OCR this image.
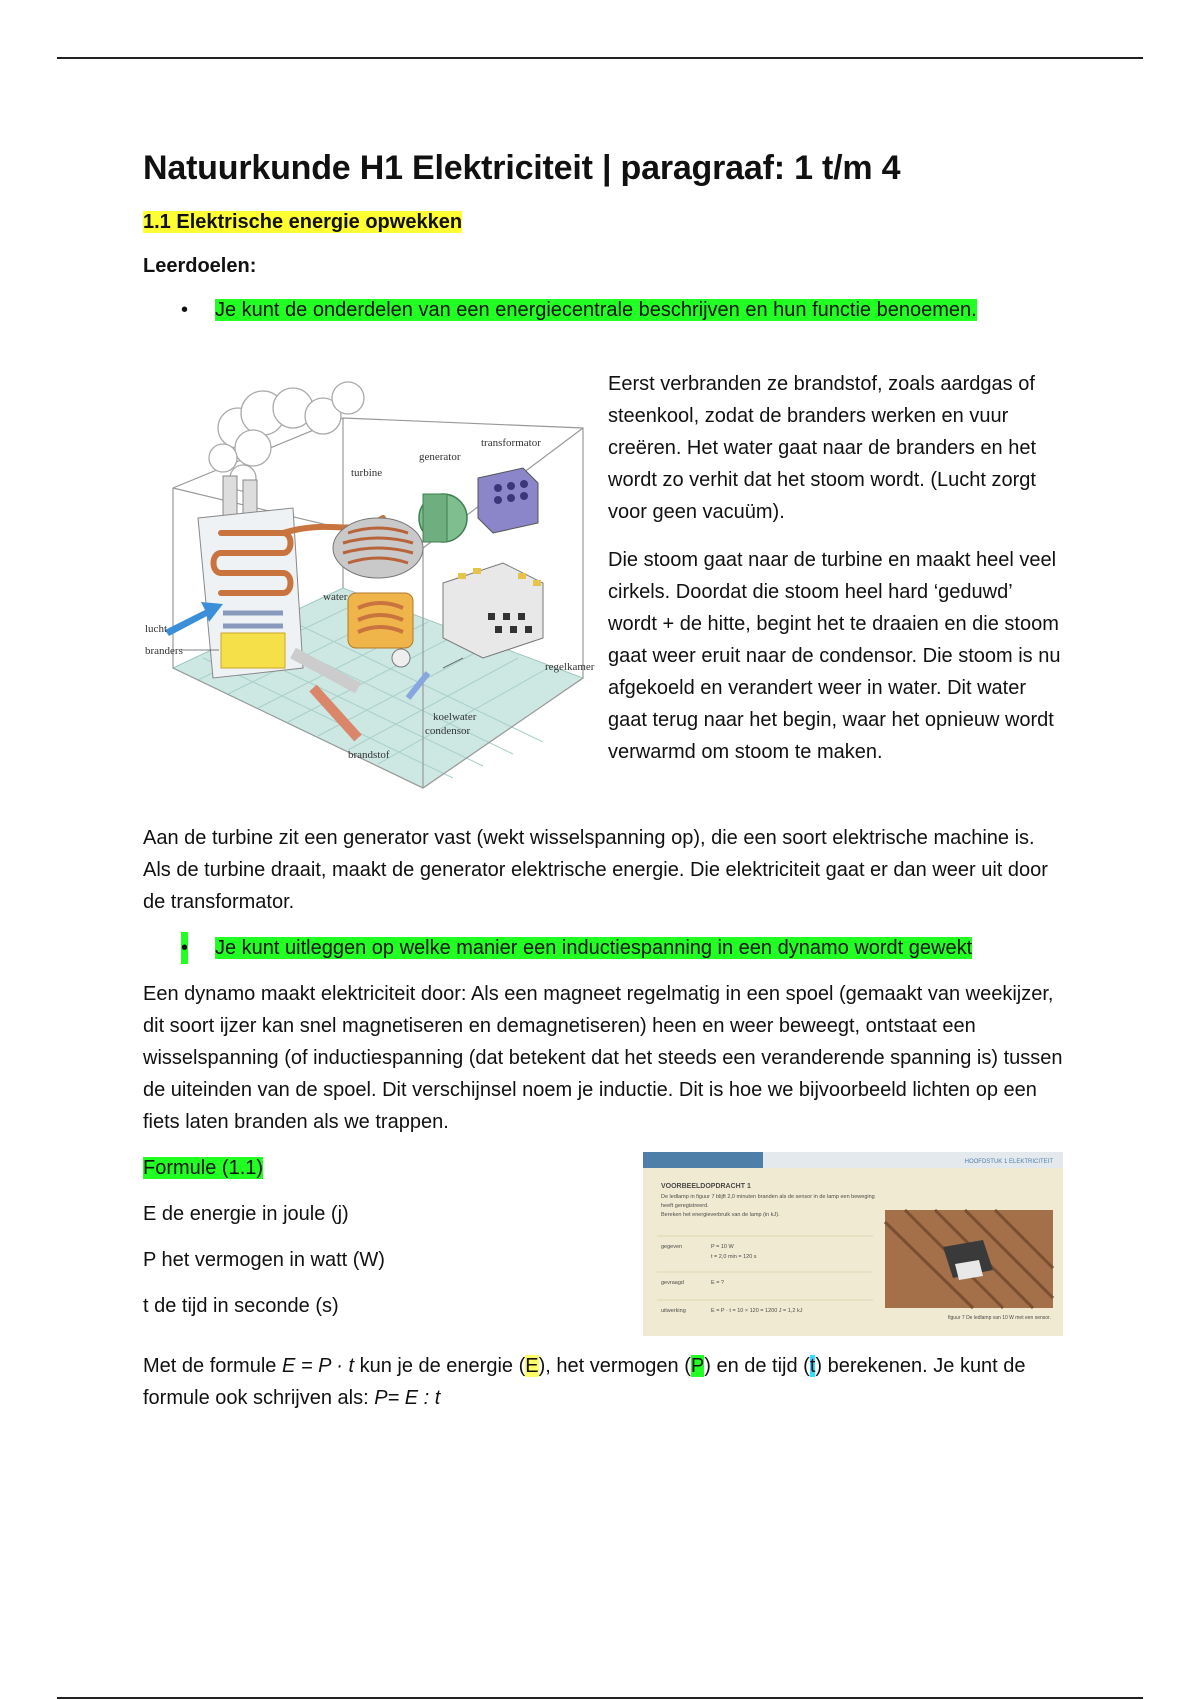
Natuurkunde H1 Elektriciteit | paragraaf: 1 t/m 4
1.1 Elektrische energie opwekken
Leerdoelen:
• Je kunt de onderdelen van een energiecentrale beschrijven en hun functie benoemen.
transformator
generator
turbine
water
lucht
branders
regelkamer
koelwater
condensor
brandstof

Eerst verbranden ze brandstof, zoals aardgas of steenkool, zodat de branders werken en vuur creëren. Het water gaat naar de branders en het wordt zo verhit dat het stoom wordt. (Lucht zorgt voor geen vacuüm).

Die stoom gaat naar de turbine en maakt heel veel cirkels. Doordat die stoom heel hard ‘geduwd’ wordt + de hitte, begint het te draaien en die stoom gaat weer eruit naar de condensor. Die stoom is nu afgekoeld en verandert weer in water. Dit water gaat terug naar het begin, waar het opnieuw wordt verwarmd om stoom te maken.

Aan de turbine zit een generator vast (wekt wisselspanning op), die een soort elektrische machine is. Als de turbine draait, maakt de generator elektrische energie. Die elektriciteit gaat er dan weer uit door de transformator.

• Je kunt uitleggen op welke manier een inductiespanning in een dynamo wordt gewekt

Een dynamo maakt elektriciteit door: Als een magneet regelmatig in een spoel (gemaakt van weekijzer, dit soort ijzer kan snel magnetiseren en demagnetiseren) heen en weer beweegt, ontstaat een wisselspanning (of inductiespanning (dat betekent dat het steeds een veranderende spanning is) tussen de uiteinden van de spoel. Dit verschijnsel noem je inductie. Dit is hoe we bijvoorbeeld lichten op een fiets laten branden als we trappen.

Formule (1.1)

E de energie in joule (j)

P het vermogen in watt (W)

t de tijd in seconde (s)

HOOFDSTUK 1 ELEKTRICITEIT
VOORBEELDOPDRACHT 1
De ledlamp in figuur 7 blijft 2,0 minuten branden als de sensor in de lamp een beweging
heeft geregistreerd.
Bereken het energieverbruik van de lamp (in kJ).
gegeven	P = 10 W
t = 2,0 min = 120 s
gevraagd	E = ?
uitwerking	E = P · t = 10 × 120 = 1200 J = 1,2 kJ
figuur 7 De ledlamp van 10 W met een sensor.

Met de formule E = P · t kun je de energie (E), het vermogen (P) en de tijd (t) berekenen. Je kunt de formule ook schrijven als: P= E : t
